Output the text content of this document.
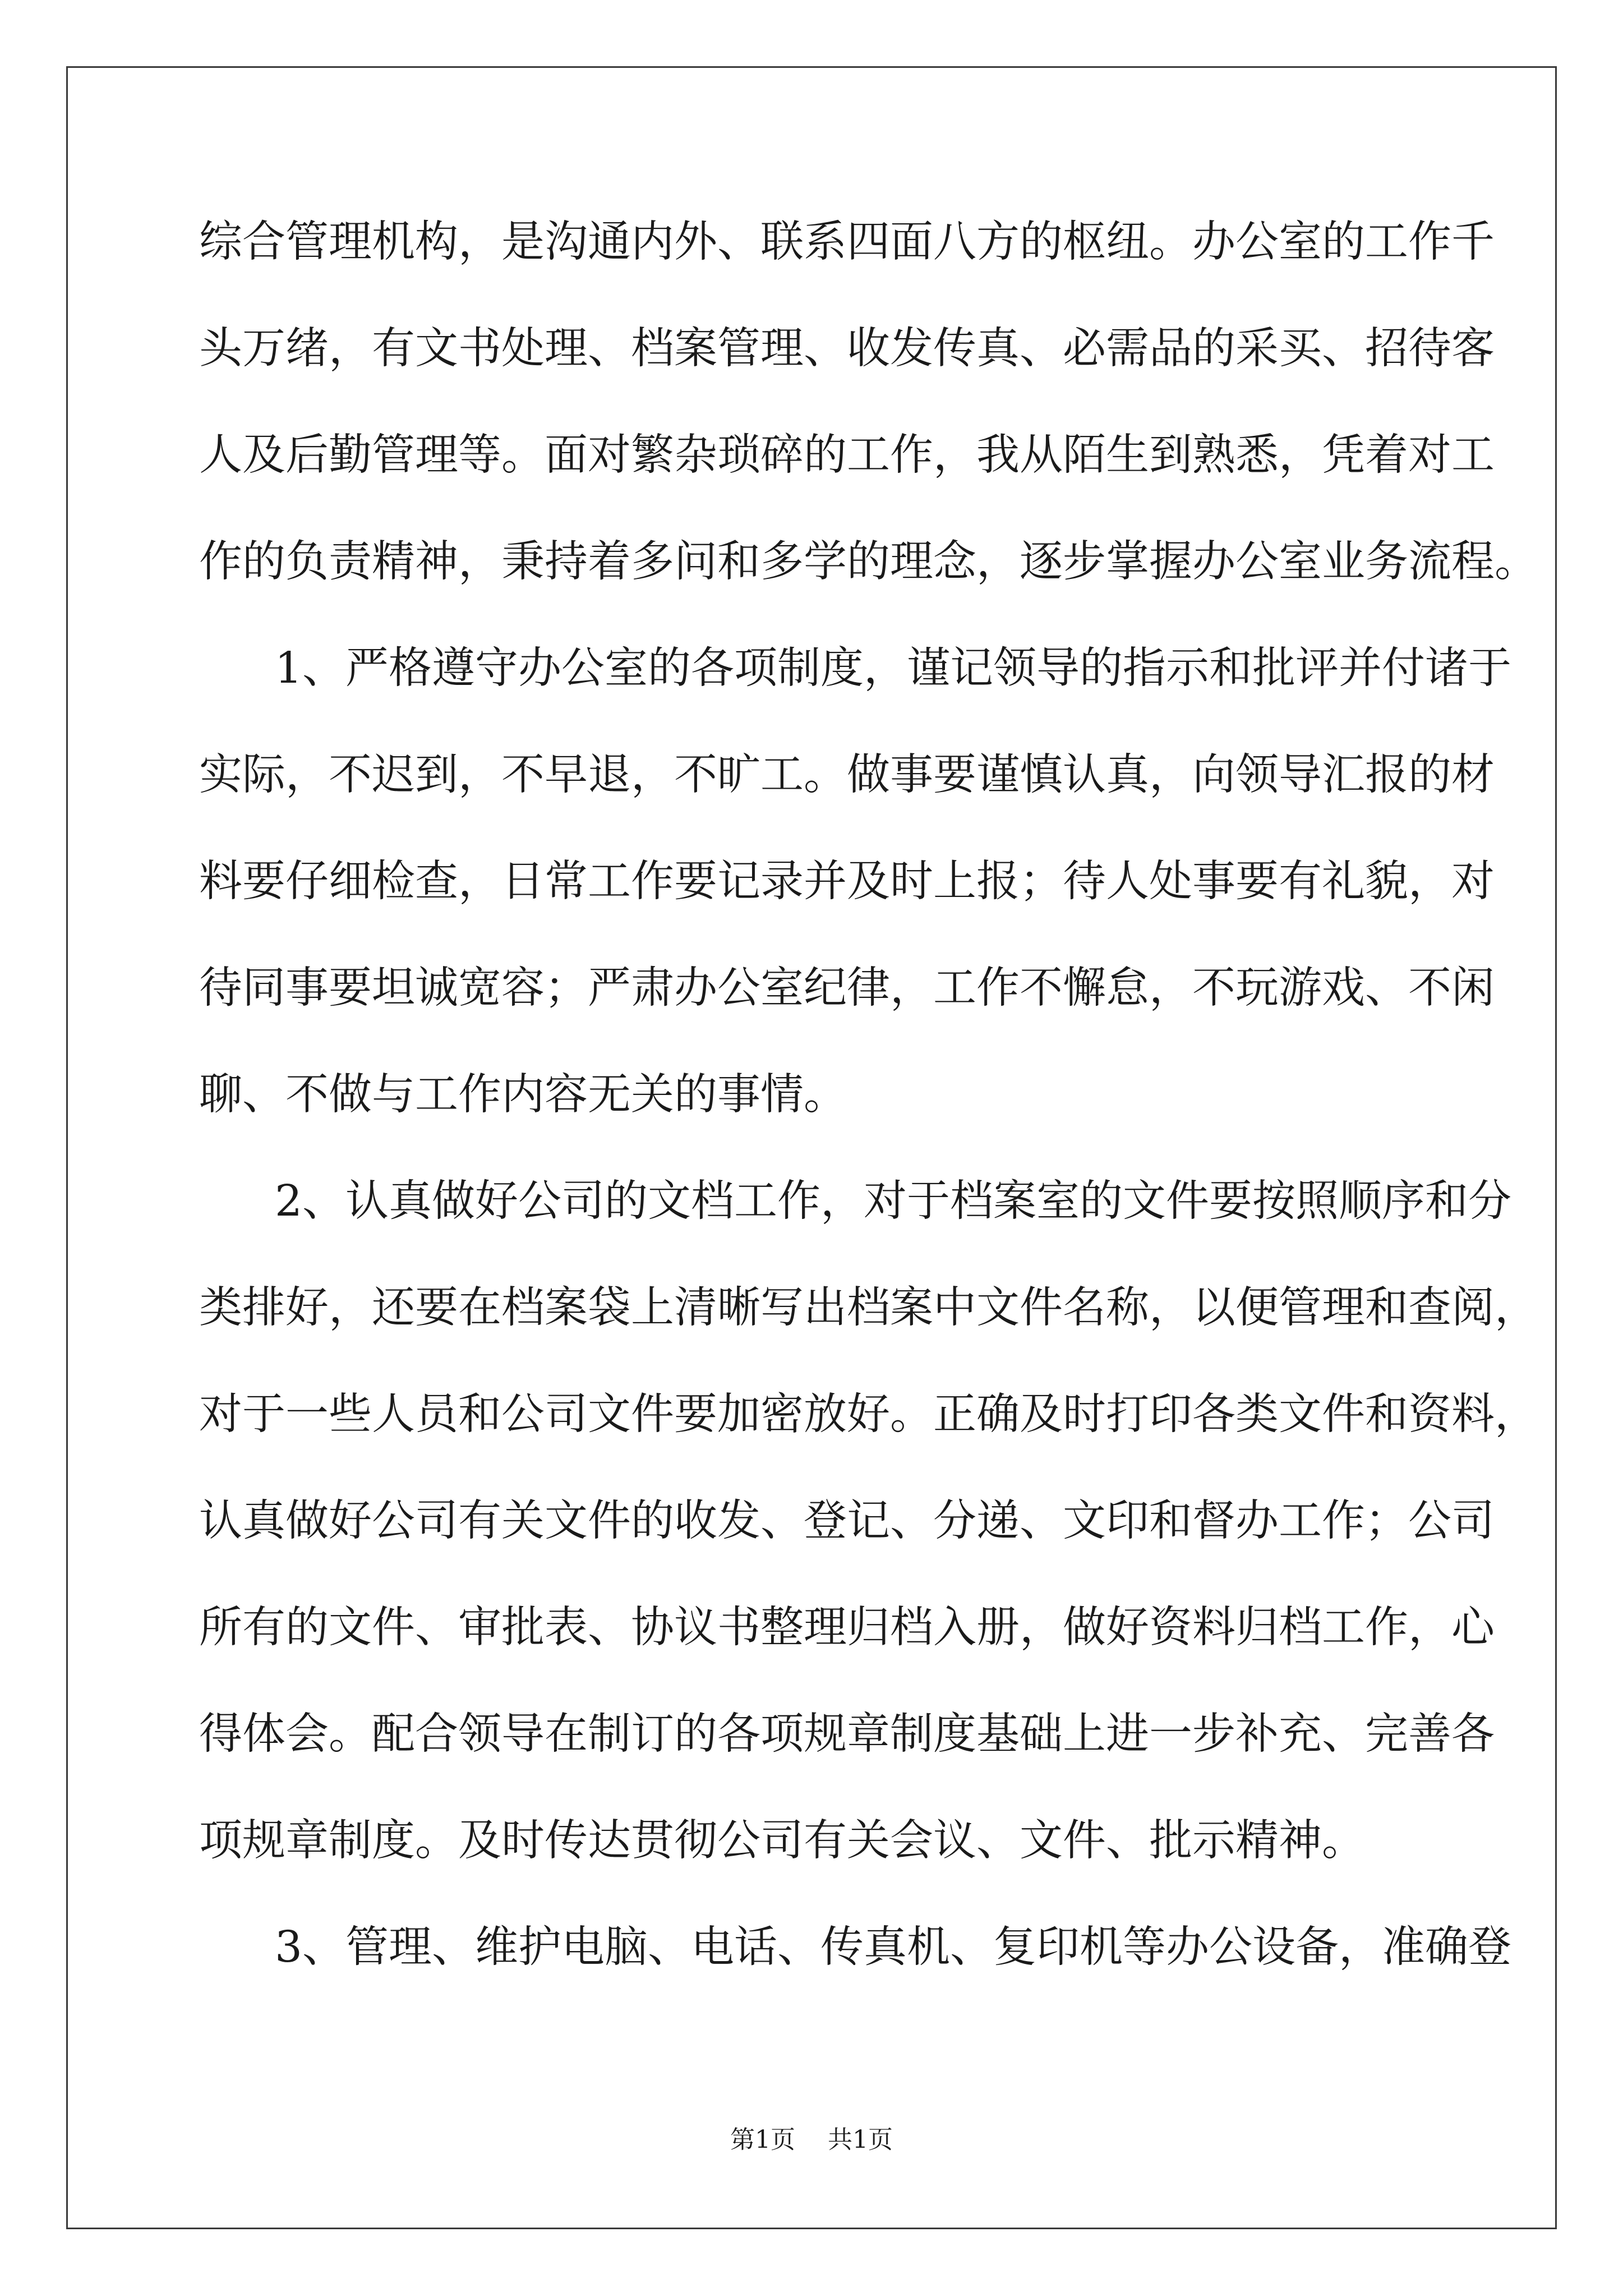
综合管理机构，是沟通内外、联系四面八方的枢纽。办公室的工作千
头万绪，有文书处理、档案管理、收发传真、必需品的采买、招待客
人及后勤管理等。面对繁杂琐碎的工作，我从陌生到熟悉，凭着对工
作的负责精神，秉持着多问和多学的理念，逐步掌握办公室业务流程。
1、严格遵守办公室的各项制度，谨记领导的指示和批评并付诸于
实际，不迟到，不早退，不旷工。做事要谨慎认真，向领导汇报的材
料要仔细检查，日常工作要记录并及时上报；待人处事要有礼貌，对
待同事要坦诚宽容；严肃办公室纪律，工作不懈怠，不玩游戏、不闲
聊、不做与工作内容无关的事情。
2、认真做好公司的文档工作，对于档案室的文件要按照顺序和分
类排好，还要在档案袋上清晰写出档案中文件名称，以便管理和查阅，
对于一些人员和公司文件要加密放好。正确及时打印各类文件和资料，
认真做好公司有关文件的收发、登记、分递、文印和督办工作；公司
所有的文件、审批表、协议书整理归档入册，做好资料归档工作，心
得体会。配合领导在制订的各项规章制度基础上进一步补充、完善各
项规章制度。及时传达贯彻公司有关会议、文件、批示精神。
3、管理、维护电脑、电话、传真机、复印机等办公设备，准确登
第1页 共1页
